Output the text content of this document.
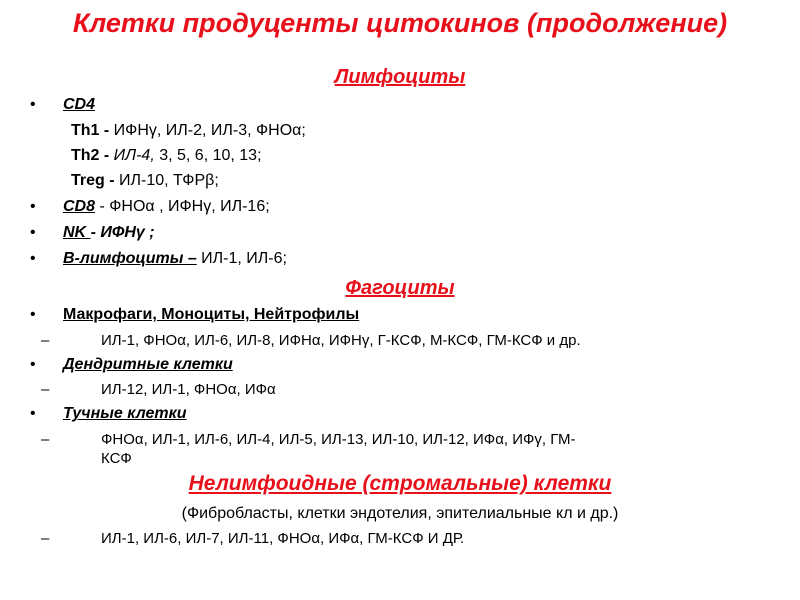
Клетки продуценты цитокинов (продолжение)
Лимфоциты
• CD4
Th1 - ИФНγ, ИЛ-2, ИЛ-3, ФНОα;
Th2 - ИЛ-4, 3, 5, 6, 10, 13;
Treg - ИЛ-10, ТФРβ;
• CD8 - ФНОα , ИФНγ, ИЛ-16;
• NK - ИФНγ ;
• В-лимфоциты – ИЛ-1, ИЛ-6;
Фагоциты
• Макрофаги, Моноциты, Нейтрофилы
–	ИЛ-1, ФНОα, ИЛ-6, ИЛ-8, ИФНα, ИФНγ, Г-КСФ, М-КСФ, ГМ-КСФ и др.
• Дендритные клетки
–	ИЛ-12, ИЛ-1, ФНОα, ИФα
• Тучные клетки
–	ФНОα, ИЛ-1, ИЛ-6, ИЛ-4, ИЛ-5, ИЛ-13, ИЛ-10, ИЛ-12, ИФα, ИФγ, ГМ-
КСФ
Нелимфоидные (стромальные) клетки
(Фибробласты, клетки эндотелия, эпителиальные кл и др.)
–	ИЛ-1, ИЛ-6, ИЛ-7, ИЛ-11, ФНОα, ИФα, ГМ-КСФ И ДР.
